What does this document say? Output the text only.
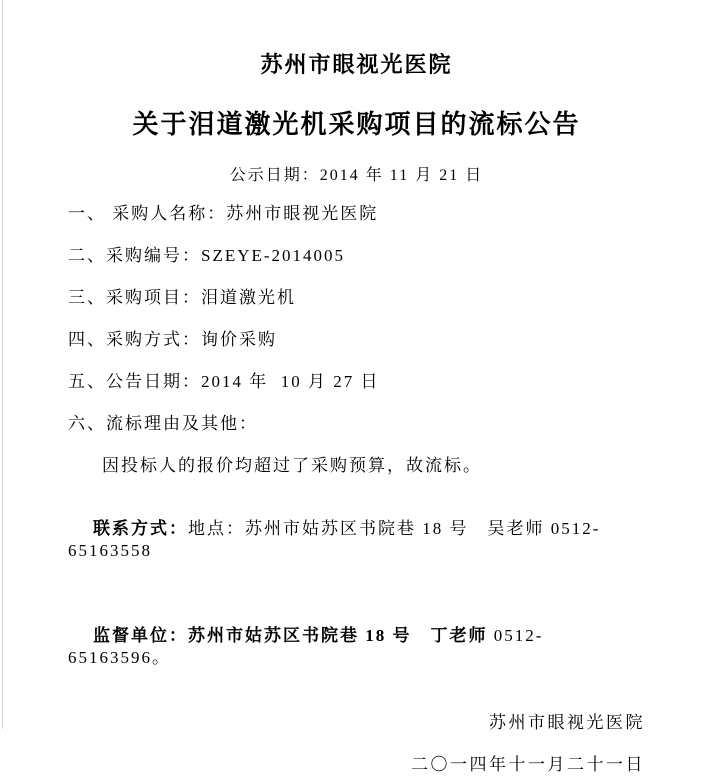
苏州市眼视光医院
关于泪道激光机采购项目的流标公告
公示日期：2014 年 11 月 21 日
一、 采购人名称：苏州市眼视光医院
二、采购编号：SZEYE-2014005
三、采购项目：泪道激光机
四、采购方式：询价采购
五、公告日期：2014 年  10 月 27 日
六、流标理由及其他：
因投标人的报价均超过了采购预算，故流标。

联系方式：地点：苏州市姑苏区书院巷 18 号　吴老师 0512-65163558

监督单位：苏州市姑苏区书院巷 18 号　丁老师 0512-65163596。

苏州市眼视光医院
二〇一四年十一月二十一日
